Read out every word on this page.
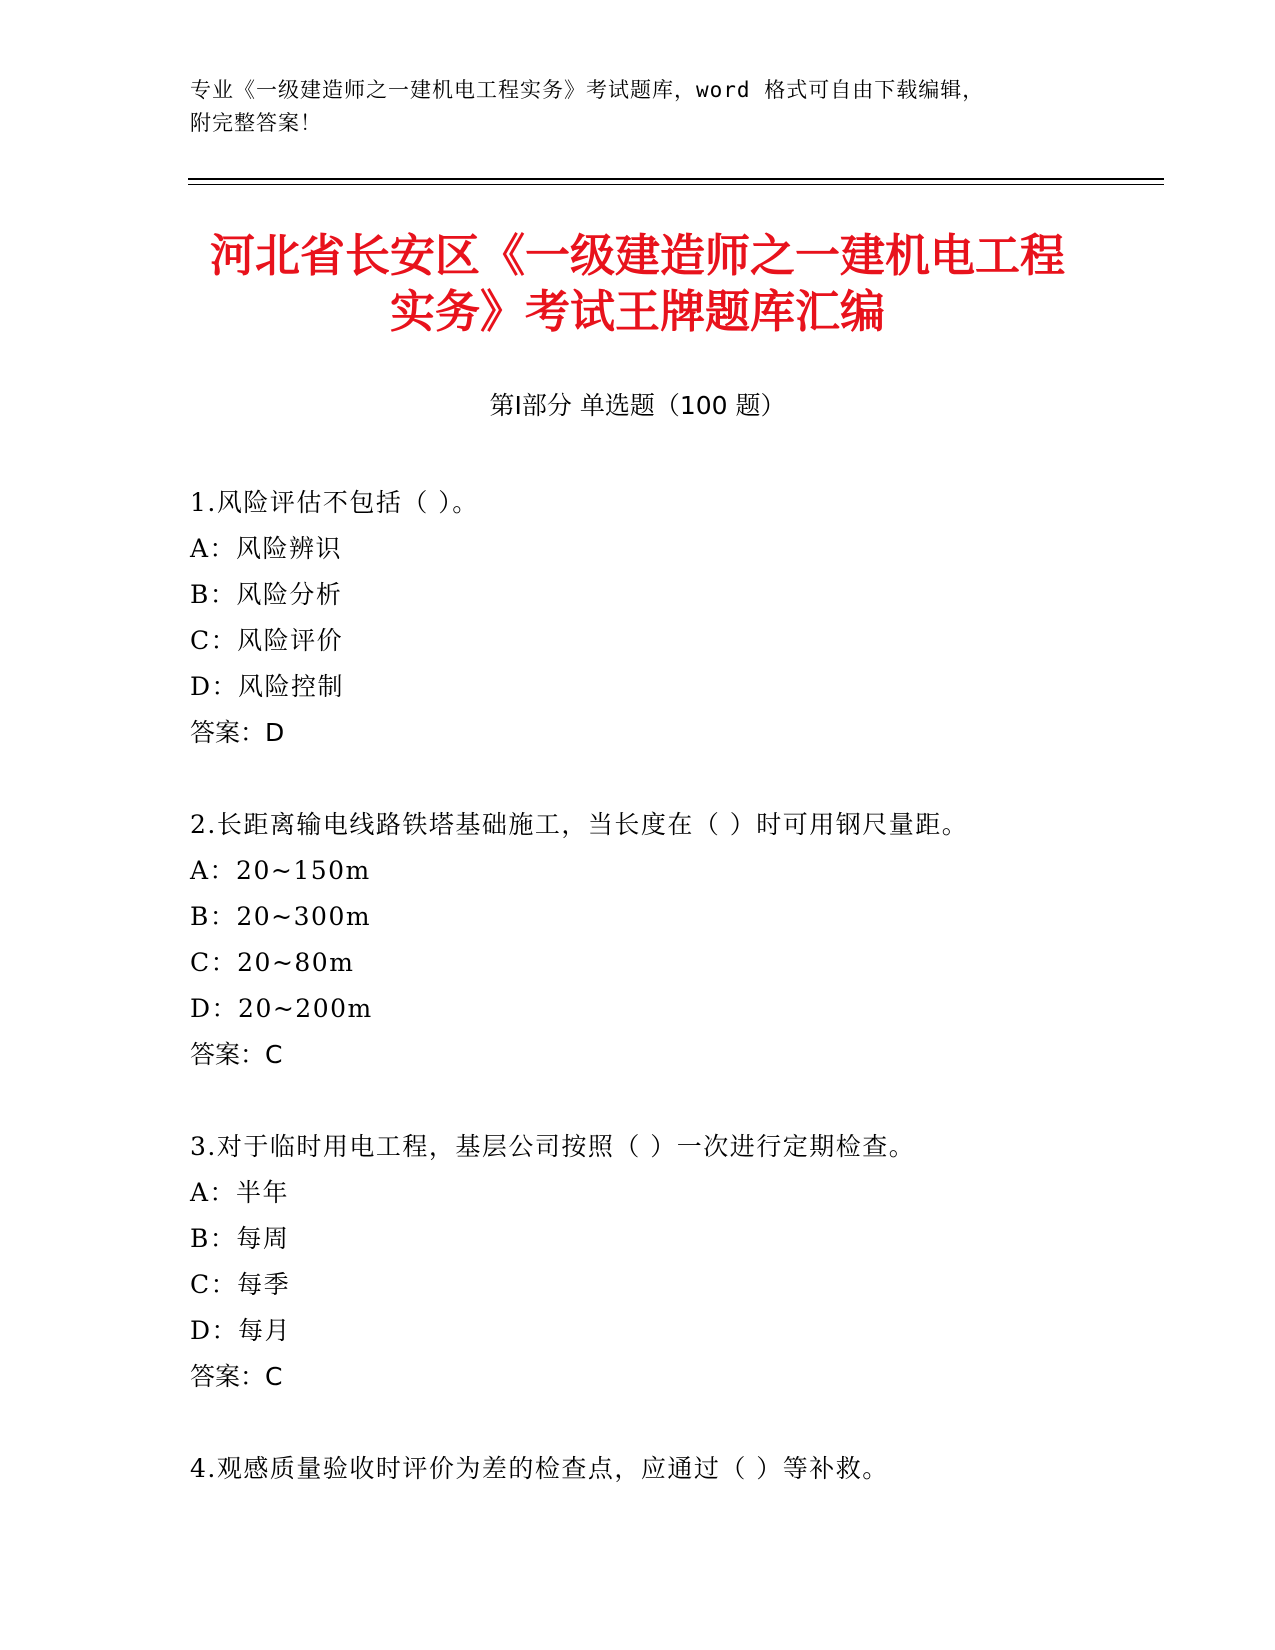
专业《一级建造师之一建机电工程实务》考试题库，word 格式可自由下载编辑，
附完整答案！
河北省长安区《一级建造师之一建机电工程
实务》考试王牌题库汇编
第Ⅰ部分 单选题（100 题）
1.风险评估不包括（ ）。
A：风险辨识
B：风险分析
C：风险评价
D：风险控制
答案：D
2.长距离输电线路铁塔基础施工，当长度在（ ）时可用钢尺量距。
A：20~150m
B：20~300m
C：20~80m
D：20~200m
答案：C
3.对于临时用电工程，基层公司按照（ ）一次进行定期检查。
A：半年
B：每周
C：每季
D：每月
答案：C
4.观感质量验收时评价为差的检查点，应通过（ ）等补救。
